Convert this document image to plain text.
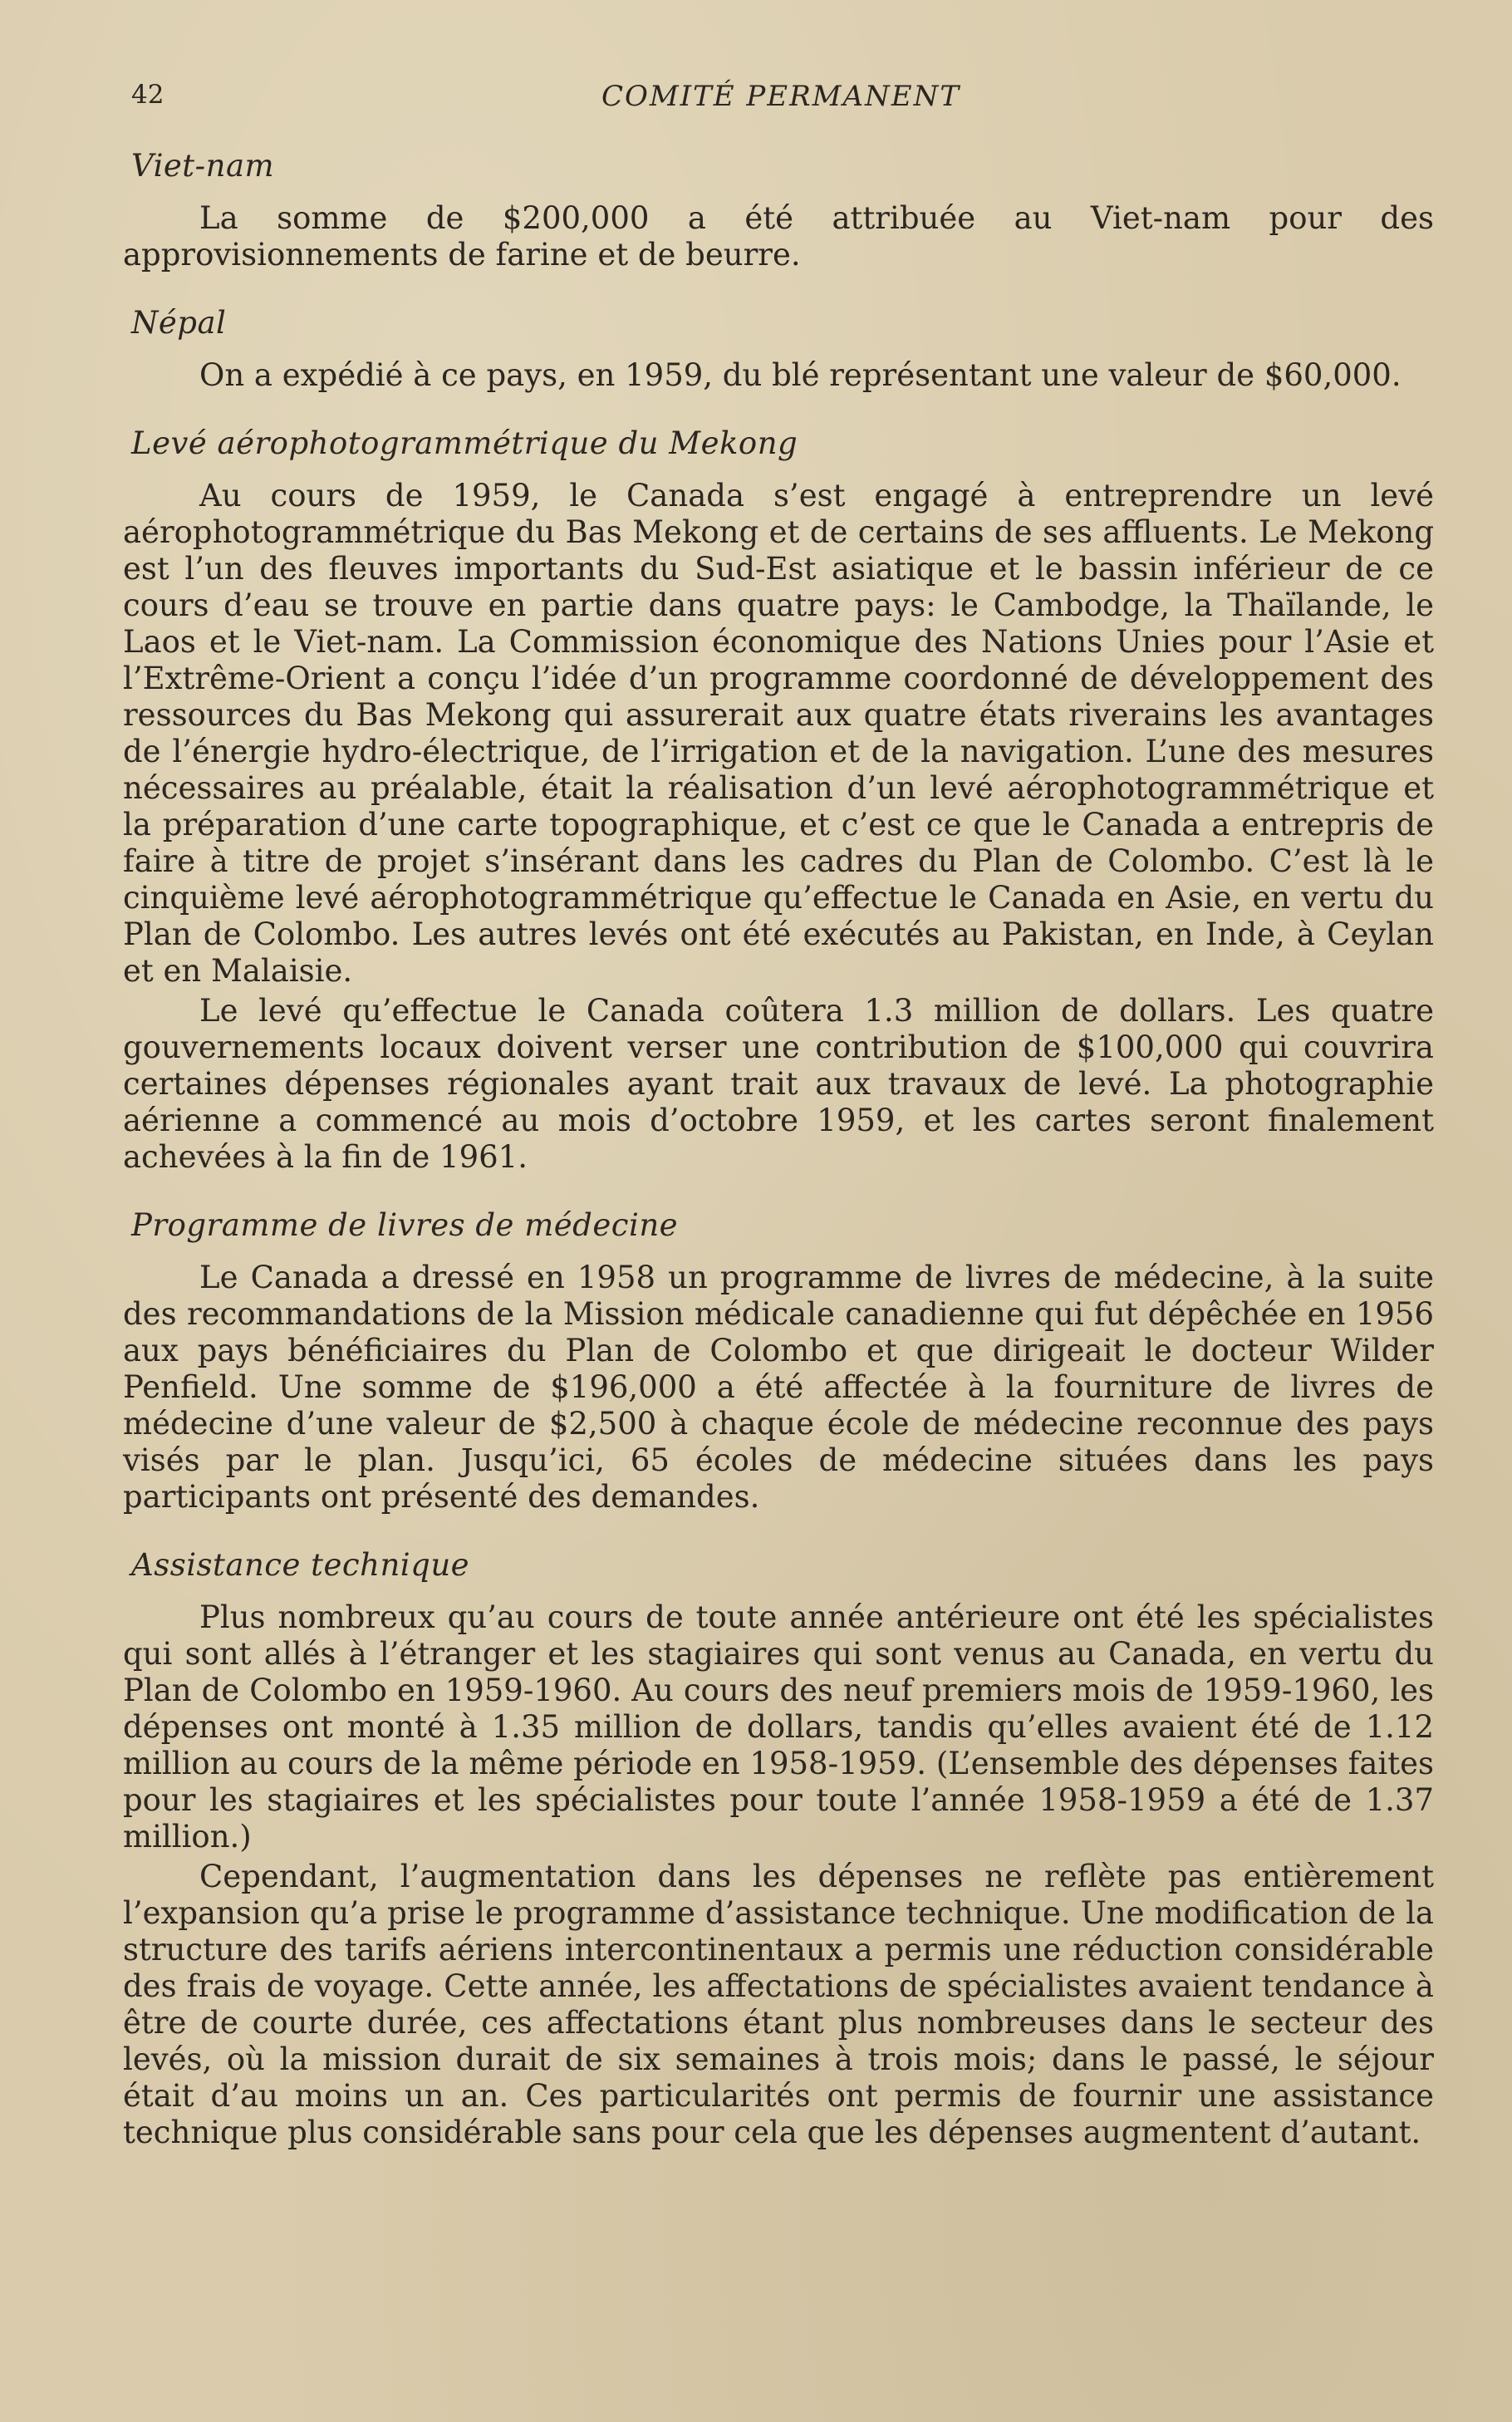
42	COMITÉ PERMANENT
Viet-nam

La somme de $200,000 a été attribuée au Viet-nam pour des approvisionnements de farine et de beurre.

Népal

On a expédié à ce pays, en 1959, du blé représentant une valeur de $60,000.

Levé aérophotogrammétrique du Mekong

Au cours de 1959, le Canada s’est engagé à entreprendre un levé aérophotogrammétrique du Bas Mekong et de certains de ses affluents. Le Mekong est l’un des fleuves importants du Sud-Est asiatique et le bassin inférieur de ce cours d’eau se trouve en partie dans quatre pays: le Cambodge, la Thaïlande, le Laos et le Viet-nam. La Commission économique des Nations Unies pour l’Asie et l’Extrême-Orient a conçu l’idée d’un programme coordonné de développement des ressources du Bas Mekong qui assurerait aux quatre états riverains les avantages de l’énergie hydro-électrique, de l’irrigation et de la navigation. L’une des mesures nécessaires au préalable, était la réalisation d’un levé aérophotogrammétrique et la préparation d’une carte topographique, et c’est ce que le Canada a entrepris de faire à titre de projet s’insérant dans les cadres du Plan de Colombo. C’est là le cinquième levé aérophotogrammétrique qu’effectue le Canada en Asie, en vertu du Plan de Colombo. Les autres levés ont été exécutés au Pakistan, en Inde, à Ceylan et en Malaisie.

Le levé qu’effectue le Canada coûtera 1.3 million de dollars. Les quatre gouvernements locaux doivent verser une contribution de $100,000 qui couvrira certaines dépenses régionales ayant trait aux travaux de levé. La photographie aérienne a commencé au mois d’octobre 1959, et les cartes seront finalement achevées à la fin de 1961.

Programme de livres de médecine

Le Canada a dressé en 1958 un programme de livres de médecine, à la suite des recommandations de la Mission médicale canadienne qui fut dépêchée en 1956 aux pays bénéficiaires du Plan de Colombo et que dirigeait le docteur Wilder Penfield. Une somme de $196,000 a été affectée à la fourniture de livres de médecine d’une valeur de $2,500 à chaque école de médecine reconnue des pays visés par le plan. Jusqu’ici, 65 écoles de médecine situées dans les pays participants ont présenté des demandes.

Assistance technique

Plus nombreux qu’au cours de toute année antérieure ont été les spécialistes qui sont allés à l’étranger et les stagiaires qui sont venus au Canada, en vertu du Plan de Colombo en 1959-1960. Au cours des neuf premiers mois de 1959-1960, les dépenses ont monté à 1.35 million de dollars, tandis qu’elles avaient été de 1.12 million au cours de la même période en 1958-1959. (L’ensemble des dépenses faites pour les stagiaires et les spécialistes pour toute l’année 1958-1959 a été de 1.37 million.)

Cependant, l’augmentation dans les dépenses ne reflète pas entièrement l’expansion qu’a prise le programme d’assistance technique. Une modification de la structure des tarifs aériens intercontinentaux a permis une réduction considérable des frais de voyage. Cette année, les affectations de spécialistes avaient tendance à être de courte durée, ces affectations étant plus nombreuses dans le secteur des levés, où la mission durait de six semaines à trois mois; dans le passé, le séjour était d’au moins un an. Ces particularités ont permis de fournir une assistance technique plus considérable sans pour cela que les dépenses augmentent d’autant.
